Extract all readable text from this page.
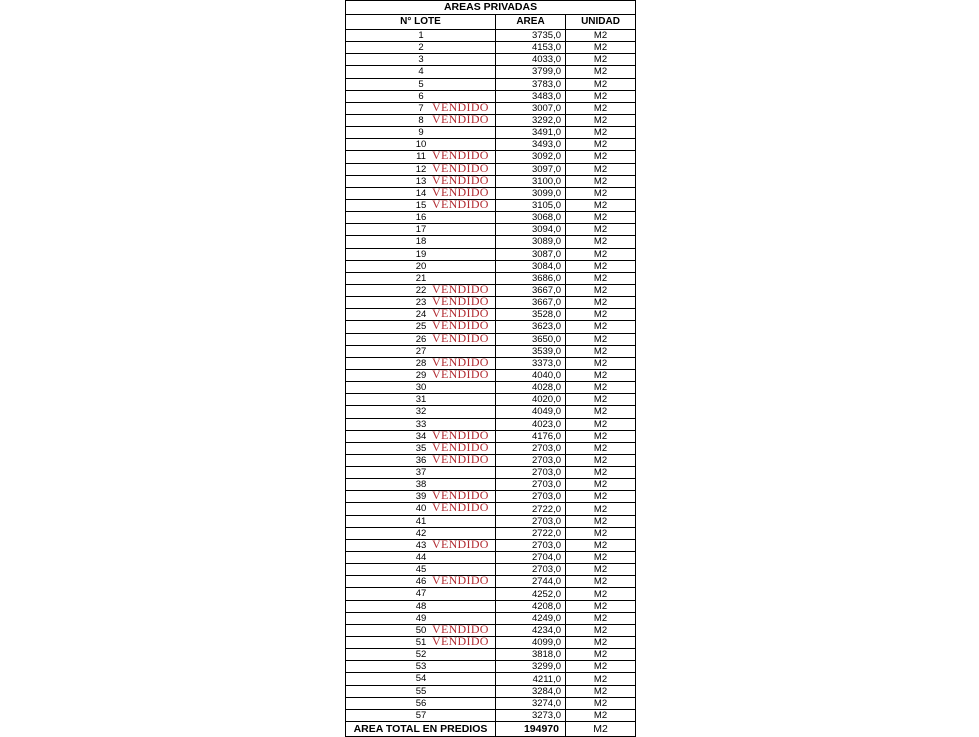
AREAS PRIVADAS		
N° LOTE	AREA	UNIDAD

1	3735,0	M2

2	4153,0	M2

3	4033,0	M2

4	3799,0	M2

5	3783,0	M2

6	3483,0	M2

7 VENDIDO	3007,0	M2

8 VENDIDO	3292,0	M2

9	3491,0	M2

10	3493,0	M2

11 VENDIDO	3092,0	M2

12 VENDIDO	3097,0	M2

13 VENDIDO	3100,0	M2

14 VENDIDO	3099,0	M2

15 VENDIDO	3105,0	M2

16	3068,0	M2

17	3094,0	M2

18	3089,0	M2

19	3087,0	M2

20	3084,0	M2

21	3686,0	M2

22 VENDIDO	3667,0	M2

23 VENDIDO	3667,0	M2

24 VENDIDO	3528,0	M2

25 VENDIDO	3623,0	M2

26 VENDIDO	3650,0	M2

27	3539,0	M2

28 VENDIDO	3373,0	M2

29 VENDIDO	4040,0	M2

30	4028,0	M2

31	4020,0	M2

32	4049,0	M2

33	4023,0	M2

34 VENDIDO	4176,0	M2

35 VENDIDO	2703,0	M2

36 VENDIDO	2703,0	M2

37	2703,0	M2

38	2703,0	M2

39 VENDIDO	2703,0	M2

40 VENDIDO	2722,0	M2

41	2703,0	M2

42	2722,0	M2

43 VENDIDO	2703,0	M2

44	2704,0	M2

45	2703,0	M2

46 VENDIDO	2744,0	M2

47	4252,0	M2

48	4208,0	M2

49	4249,0	M2

50 VENDIDO	4234,0	M2

51 VENDIDO	4099,0	M2

52	3818,0	M2

53	3299,0	M2

54	4211,0	M2

55	3284,0	M2

56	3274,0	M2

57	3273,0	M2
AREA TOTAL EN PREDIOS	194970	M2
